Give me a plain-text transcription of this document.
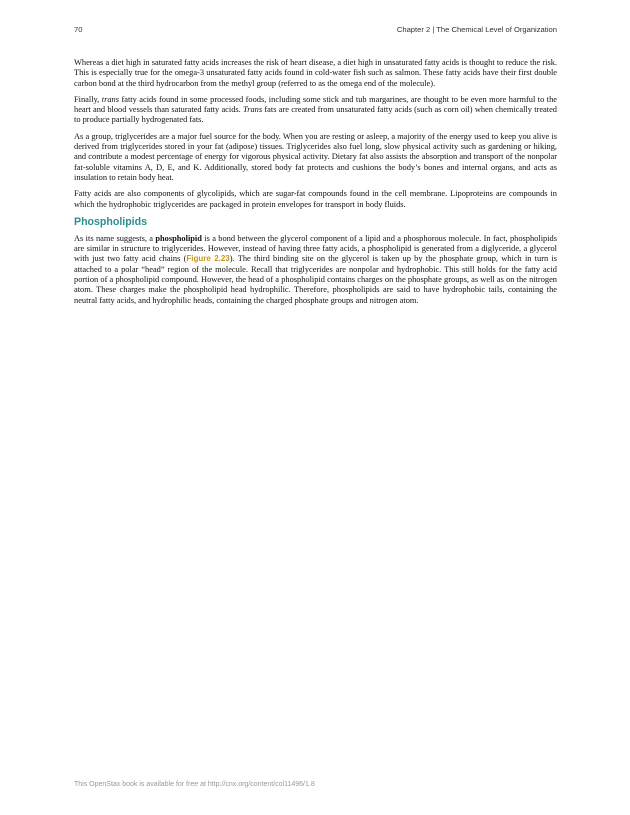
70	Chapter 2 | The Chemical Level of Organization

Whereas a diet high in saturated fatty acids increases the risk of heart disease, a diet high in unsaturated fatty acids is thought to reduce the risk. This is especially true for the omega-3 unsaturated fatty acids found in cold-water fish such as salmon. These fatty acids have their first double carbon bond at the third hydrocarbon from the methyl group (referred to as the omega end of the molecule).

Finally, trans fatty acids found in some processed foods, including some stick and tub margarines, are thought to be even more harmful to the heart and blood vessels than saturated fatty acids. Trans fats are created from unsaturated fatty acids (such as corn oil) when chemically treated to produce partially hydrogenated fats.

As a group, triglycerides are a major fuel source for the body. When you are resting or asleep, a majority of the energy used to keep you alive is derived from triglycerides stored in your fat (adipose) tissues. Triglycerides also fuel long, slow physical activity such as gardening or hiking, and contribute a modest percentage of energy for vigorous physical activity. Dietary fat also assists the absorption and transport of the nonpolar fat-soluble vitamins A, D, E, and K. Additionally, stored body fat protects and cushions the body’s bones and internal organs, and acts as insulation to retain body heat.

Fatty acids are also components of glycolipids, which are sugar-fat compounds found in the cell membrane. Lipoproteins are compounds in which the hydrophobic triglycerides are packaged in protein envelopes for transport in body fluids.

Phospholipids

As its name suggests, a phospholipid is a bond between the glycerol component of a lipid and a phosphorous molecule. In fact, phospholipids are similar in structure to triglycerides. However, instead of having three fatty acids, a phospholipid is generated from a diglyceride, a glycerol with just two fatty acid chains (Figure 2.23). The third binding site on the glycerol is taken up by the phosphate group, which in turn is attached to a polar “head” region of the molecule. Recall that triglycerides are nonpolar and hydrophobic. This still holds for the fatty acid portion of a phospholipid compound. However, the head of a phospholipid contains charges on the phosphate groups, as well as on the nitrogen atom. These charges make the phospholipid head hydrophilic. Therefore, phospholipids are said to have hydrophobic tails, containing the neutral fatty acids, and hydrophilic heads, containing the charged phosphate groups and nitrogen atom.

This OpenStax book is available for free at http://cnx.org/content/col11496/1.8
